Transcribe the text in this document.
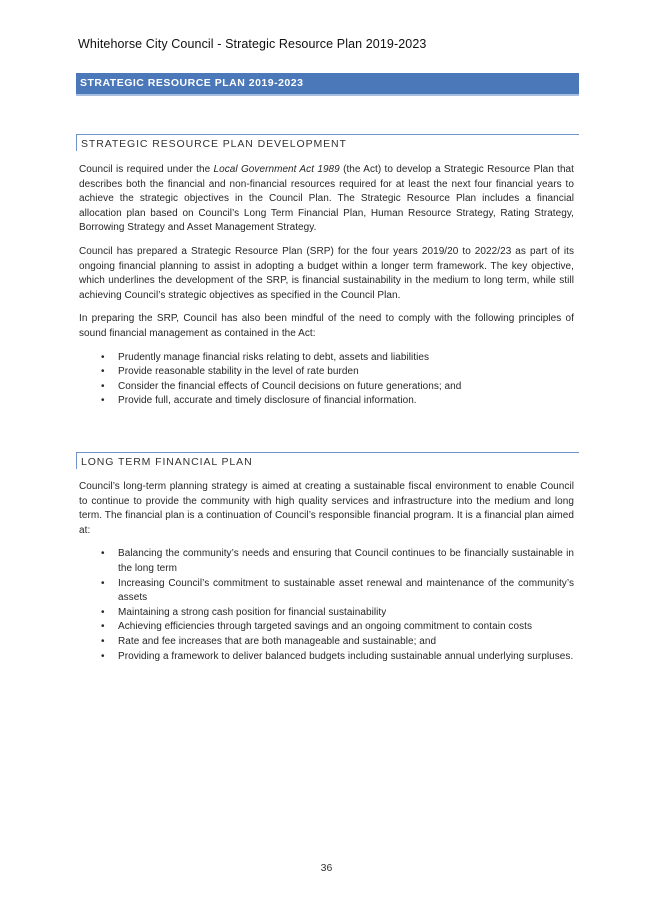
Whitehorse City Council - Strategic Resource Plan 2019-2023
STRATEGIC RESOURCE PLAN 2019-2023
STRATEGIC RESOURCE PLAN DEVELOPMENT

Council is required under the Local Government Act 1989 (the Act) to develop a Strategic Resource Plan that describes both the financial and non-financial resources required for at least the next four financial years to achieve the strategic objectives in the Council Plan. The Strategic Resource Plan includes a financial allocation plan based on Council’s Long Term Financial Plan, Human Resource Strategy, Rating Strategy, Borrowing Strategy and Asset Management Strategy.

Council has prepared a Strategic Resource Plan (SRP) for the four years 2019/20 to 2022/23 as part of its ongoing financial planning to assist in adopting a budget within a longer term framework. The key objective, which underlines the development of the SRP, is financial sustainability in the medium to long term, while still achieving Council’s strategic objectives as specified in the Council Plan.

In preparing the SRP, Council has also been mindful of the need to comply with the following principles of sound financial management as contained in the Act:

• Prudently manage financial risks relating to debt, assets and liabilities
• Provide reasonable stability in the level of rate burden
• Consider the financial effects of Council decisions on future generations; and
• Provide full, accurate and timely disclosure of financial information.
LONG TERM FINANCIAL PLAN

Council’s long-term planning strategy is aimed at creating a sustainable fiscal environment to enable Council to continue to provide the community with high quality services and infrastructure into the medium and long term. The financial plan is a continuation of Council’s responsible financial program. It is a financial plan aimed at:

• Balancing the community’s needs and ensuring that Council continues to be financially sustainable in the long term
• Increasing Council’s commitment to sustainable asset renewal and maintenance of the community’s assets
• Maintaining a strong cash position for financial sustainability
• Achieving efficiencies through targeted savings and an ongoing commitment to contain costs
• Rate and fee increases that are both manageable and sustainable; and
• Providing a framework to deliver balanced budgets including sustainable annual underlying surpluses.
36
